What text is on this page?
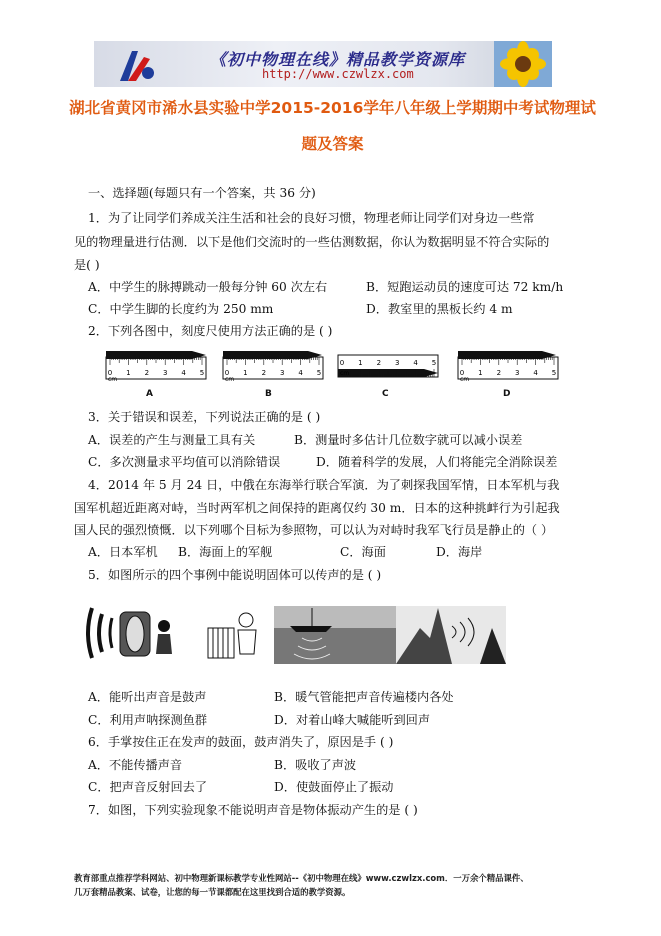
《初中物理在线》精品教学资源库
http://www.czwlzx.com
湖北省黄冈市浠水县实验中学2015-2016学年八年级上学期期中考试物理试
题及答案
一、选择题(每题只有一个答案，共 36 分)
1．为了让同学们养成关注生活和社会的良好习惯，物理老师让同学们对身边一些常
见的物理量进行估测．以下是他们交流时的一些估测数据，你认为数据明显不符合实际的
是( )
A．中学生的脉搏跳动一般每分钟 60 次左右	B．短跑运动员的速度可达 72 km/h
C．中学生脚的长度约为 250 mm	D．教室里的黑板长约 4 m
2．下列各图中，刻度尺使用方法正确的是 ( )
0 1 2 3 4 5
cm
0 1 2 3 4 5
cm
0 1 2 3 4 5
cm	0 1 2 3 4 5
cm
A	B	C	D
3．关于错误和误差，下列说法正确的是 ( )
A．误差的产生与测量工具有关	B．测量时多估计几位数字就可以减小误差
C．多次测量求平均值可以消除错误	D．随着科学的发展，人们将能完全消除误差
4．2014 年 5 月 24 日，中俄在东海举行联合军演．为了刺探我国军情，日本军机与我
国军机超近距离对峙，当时两军机之间保持的距离仅约 30 m．日本的这种挑衅行为引起我
国人民的强烈愤慨．以下列哪个目标为参照物，可以认为对峙时我军飞行员是静止的（ ）
A．日本军机 B．海面上的军舰	C．海面	D．海岸
5．如图所示的四个事例中能说明固体可以传声的是 ( )
A．能听出声音是鼓声	B．暖气管能把声音传遍楼内各处
C．利用声呐探测鱼群	D．对着山峰大喊能听到回声
6．手掌按住正在发声的鼓面，鼓声消失了，原因是手 ( )
A．不能传播声音	B．吸收了声波
C．把声音反射回去了	D．使鼓面停止了振动
7．如图，下列实验现象不能说明声音是物体振动产生的是 ( )
教育部重点推荐学科网站、初中物理新课标教学专业性网站--《初中物理在线》www.czwlzx.com．一万余个精品课件、
几万套精品教案、试卷，让您的每一节课都配在这里找到合适的教学资源。
